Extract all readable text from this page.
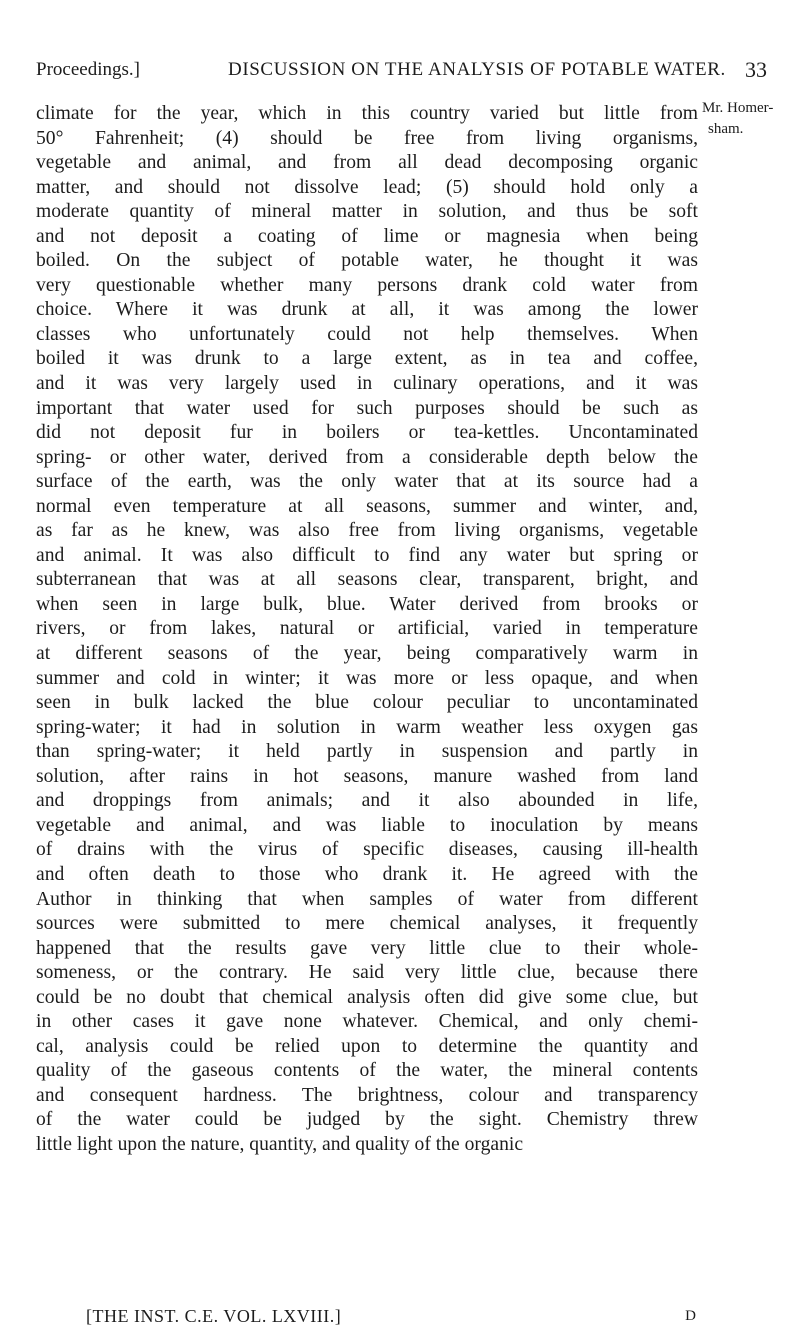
Proceedings.]	DISCUSSION ON THE ANALYSIS OF POTABLE WATER. 33
Mr. Homer-
sham.
climate for the year, which in this country varied but little from
50° Fahrenheit; (4) should be free from living organisms,
vegetable and animal, and from all dead decomposing organic
matter, and should not dissolve lead; (5) should hold only a
moderate quantity of mineral matter in solution, and thus be soft
and not deposit a coating of lime or magnesia when being
boiled. On the subject of potable water, he thought it was
very questionable whether many persons drank cold water from
choice. Where it was drunk at all, it was among the lower
classes who unfortunately could not help themselves. When
boiled it was drunk to a large extent, as in tea and coffee,
and it was very largely used in culinary operations, and it was
important that water used for such purposes should be such as
did not deposit fur in boilers or tea-kettles. Uncontaminated
spring- or other water, derived from a considerable depth below the
surface of the earth, was the only water that at its source had a
normal even temperature at all seasons, summer and winter, and,
as far as he knew, was also free from living organisms, vegetable
and animal. It was also difficult to find any water but spring or
subterranean that was at all seasons clear, transparent, bright, and
when seen in large bulk, blue. Water derived from brooks or
rivers, or from lakes, natural or artificial, varied in temperature
at different seasons of the year, being comparatively warm in
summer and cold in winter; it was more or less opaque, and when
seen in bulk lacked the blue colour peculiar to uncontaminated
spring-water; it had in solution in warm weather less oxygen gas
than spring-water; it held partly in suspension and partly in
solution, after rains in hot seasons, manure washed from land
and droppings from animals; and it also abounded in life,
vegetable and animal, and was liable to inoculation by means
of drains with the virus of specific diseases, causing ill-health
and often death to those who drank it. He agreed with the
Author in thinking that when samples of water from different
sources were submitted to mere chemical analyses, it frequently
happened that the results gave very little clue to their whole-
someness, or the contrary. He said very little clue, because there
could be no doubt that chemical analysis often did give some clue, but
in other cases it gave none whatever. Chemical, and only chemi-
cal, analysis could be relied upon to determine the quantity and
quality of the gaseous contents of the water, the mineral contents
and consequent hardness. The brightness, colour and transparency
of the water could be judged by the sight. Chemistry threw
little light upon the nature, quantity, and quality of the organic
[THE INST. C.E. VOL. LXVIII.]	D
